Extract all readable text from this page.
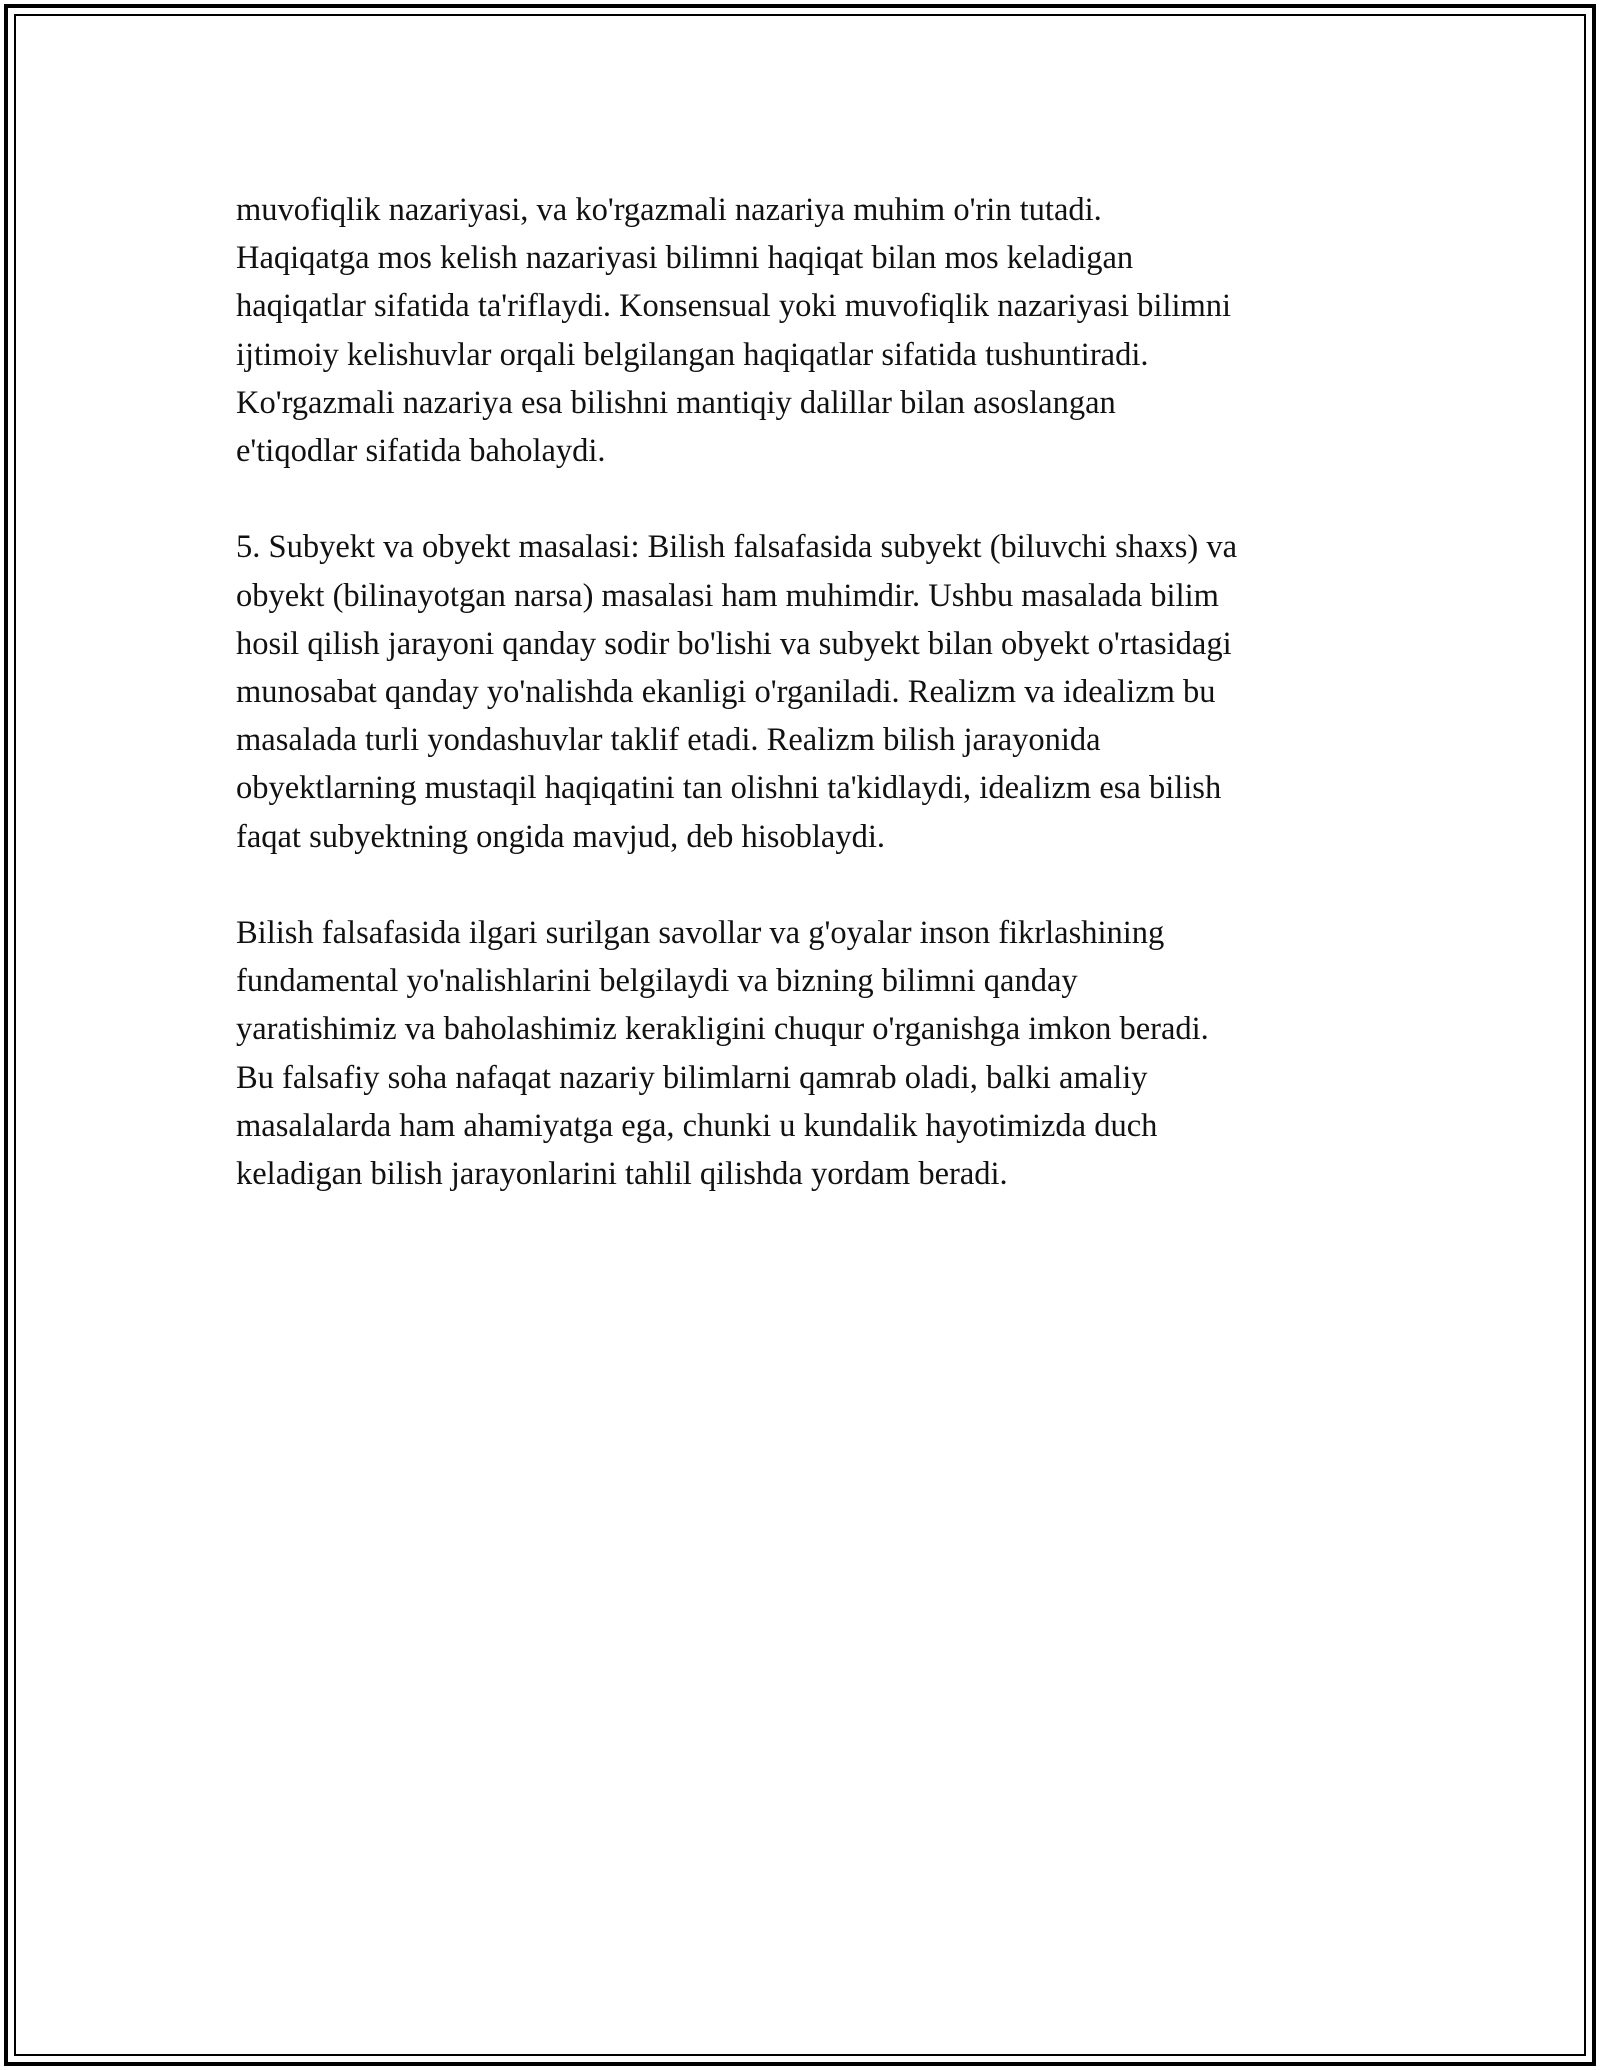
muvofiqlik nazariyasi, va ko'rgazmali nazariya muhim o'rin tutadi.
Haqiqatga mos kelish nazariyasi bilimni haqiqat bilan mos keladigan
haqiqatlar sifatida ta'riflaydi. Konsensual yoki muvofiqlik nazariyasi bilimni
ijtimoiy kelishuvlar orqali belgilangan haqiqatlar sifatida tushuntiradi.
Ko'rgazmali nazariya esa bilishni mantiqiy dalillar bilan asoslangan
e'tiqodlar sifatida baholaydi.

5. Subyekt va obyekt masalasi: Bilish falsafasida subyekt (biluvchi shaxs) va
obyekt (bilinayotgan narsa) masalasi ham muhimdir. Ushbu masalada bilim
hosil qilish jarayoni qanday sodir bo'lishi va subyekt bilan obyekt o'rtasidagi
munosabat qanday yo'nalishda ekanligi o'rganiladi. Realizm va idealizm bu
masalada turli yondashuvlar taklif etadi. Realizm bilish jarayonida
obyektlarning mustaqil haqiqatini tan olishni ta'kidlaydi, idealizm esa bilish
faqat subyektning ongida mavjud, deb hisoblaydi.

Bilish falsafasida ilgari surilgan savollar va g'oyalar inson fikrlashining
fundamental yo'nalishlarini belgilaydi va bizning bilimni qanday
yaratishimiz va baholashimiz kerakligini chuqur o'rganishga imkon beradi.
Bu falsafiy soha nafaqat nazariy bilimlarni qamrab oladi, balki amaliy
masalalarda ham ahamiyatga ega, chunki u kundalik hayotimizda duch
keladigan bilish jarayonlarini tahlil qilishda yordam beradi.
